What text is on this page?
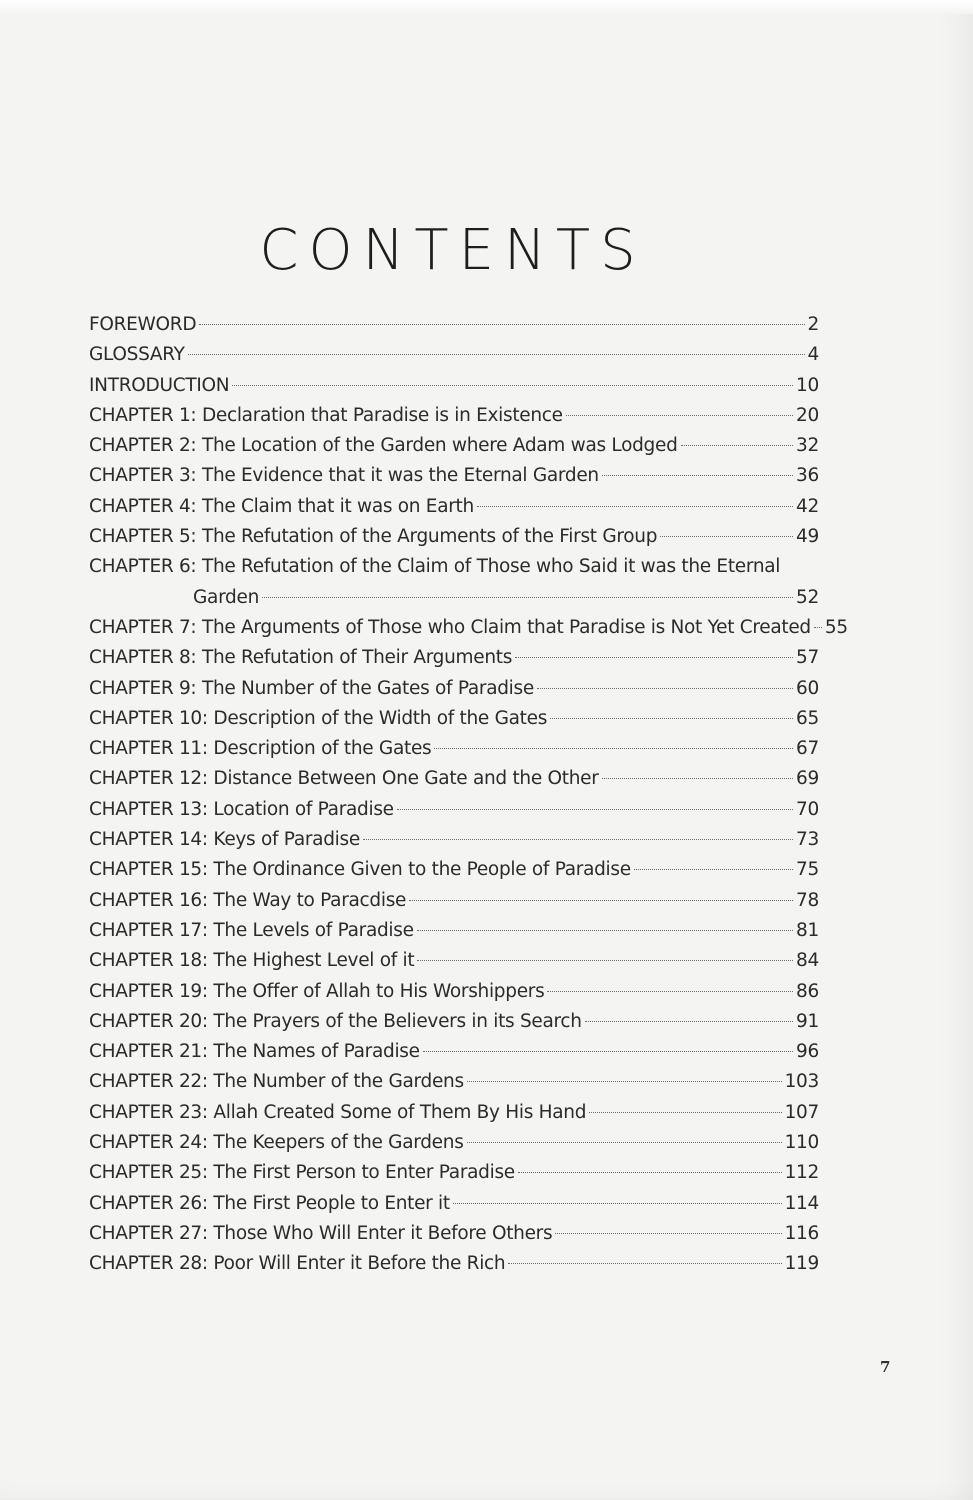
CONTENTS
FOREWORD	2
GLOSSARY	4
INTRODUCTION	10
CHAPTER 1: Declaration that Paradise is in Existence	20
CHAPTER 2: The Location of the Garden where Adam was Lodged	32
CHAPTER 3: The Evidence that it was the Eternal Garden	36
CHAPTER 4: The Claim that it was on Earth	42
CHAPTER 5: The Refutation of the Arguments of the First Group	49
CHAPTER 6: The Refutation of the Claim of Those who Said it was the Eternal
Garden	52
CHAPTER 7: The Arguments of Those who Claim that Paradise is Not Yet Created 55
CHAPTER 8: The Refutation of Their Arguments	57
CHAPTER 9: The Number of the Gates of Paradise	60
CHAPTER 10: Description of the Width of the Gates	65
CHAPTER 11: Description of the Gates	67
CHAPTER 12: Distance Between One Gate and the Other	69
CHAPTER 13: Location of Paradise	70
CHAPTER 14: Keys of Paradise	73
CHAPTER 15: The Ordinance Given to the People of Paradise	75
CHAPTER 16: The Way to Paracdise	78
CHAPTER 17: The Levels of Paradise	81
CHAPTER 18: The Highest Level of it	84
CHAPTER 19: The Offer of Allah to His Worshippers	86
CHAPTER 20: The Prayers of the Believers in its Search	91
CHAPTER 21: The Names of Paradise	96
CHAPTER 22: The Number of the Gardens	103
CHAPTER 23: Allah Created Some of Them By His Hand	107
CHAPTER 24: The Keepers of the Gardens	110
CHAPTER 25: The First Person to Enter Paradise	112
CHAPTER 26: The First People to Enter it	114
CHAPTER 27: Those Who Will Enter it Before Others	116
CHAPTER 28: Poor Will Enter it Before the Rich	119
7
